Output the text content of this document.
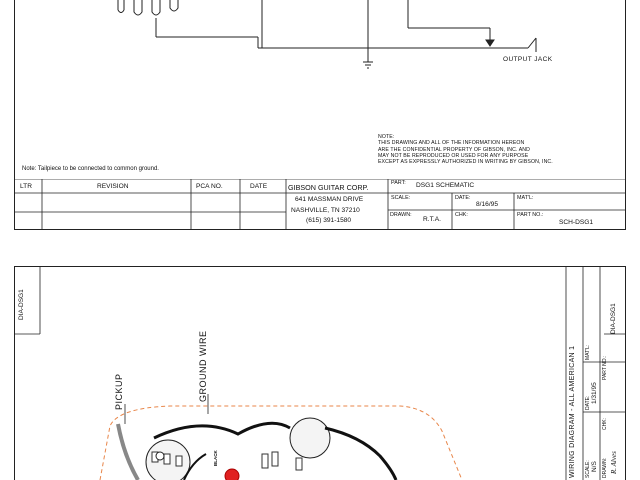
OUTPUT JACK
NOTE:
THIS DRAWING AND ALL OF THE INFORMATION HEREON
ARE THE CONFIDENTIAL PROPERTY OF GIBSON, INC. AND
MAY NOT BE REPRODUCED OR USED FOR ANY PURPOSE
EXCEPT AS EXPRESSLY AUTHORIZED IN WRITING BY GIBSON, INC.
Note: Tailpiece to be connected to common ground.
LTR	REVISION	PCA NO.	DATE	GIBSON GUITAR CORP.
641 MASSMAN DRIVE
NASHVILLE, TN 37210
(615) 391-1580
PART: DSG1 SCHEMATIC
SCALE:	DATE:
8/16/95
MAT'L:
DRAWN:
R.T.A.
CHK:	PART NO.:
SCH-DSG1
DIA-DSG1
PICKUP	GROUND WIRE
BLACK	WIRING DIAGRAM - ALL AMERICAN 1 SCALE: N/S
DATE: 1/31/95
MAT'L:
DRAWN: R. Alves
CHK:
PART NO.:
DIA-DSG1
